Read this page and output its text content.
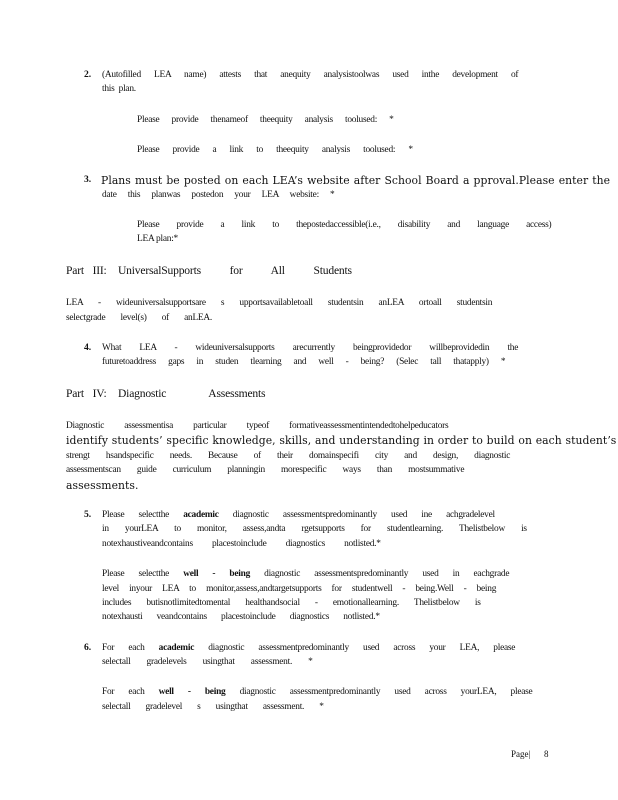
2. (Autofilled LEA name) attests that anequity analysistoolwas used inthe development of
this plan.
Please provide thenameof theequity analysis toolused: *
Please provide a link to theequity analysis toolused: *
3. Plans must be posted on each LEA’s website after School Board a pproval.Please enter the
date this planwas postedon your LEA website: *
Please provide a link to thepostedaccessible(i.e., disability and language access)
LEA plan:*
Part III: UniversalSupports for All Students
LEA - wideuniversalsupportsare s upportsavailabletoall studentsin anLEA ortoall studentsin
selectgrade level(s) of anLEA.
4. What LEA - wideuniversalsupports arecurrently beingprovidedor willbeprovidedin the
futuretoaddress gaps in studen tlearning and well - being? (Selec tall thatapply) *
Part IV: Diagnostic Assessments
Diagnostic assessmentisa particular typeof formativeassessmentintendedtohelpeducators
identify students’ specific knowledge, skills, and understanding in order to build on each student’s
strengt hsandspecific needs. Because of their domainspecifi city and design, diagnostic
assessmentscan guide curriculum planningin morespecific ways than mostsummative
assessments.
5. Please selectthe academic diagnostic assessmentspredominantly used ine achgradelevel
in yourLEA to monitor, assess,andta rgetsupports for studentlearning. Thelistbelow is
notexhaustiveandcontains placestoinclude diagnostics notlisted.*
Please selectthe well - being diagnostic assessmentspredominantly used in eachgrade
level inyour LEA to monitor,assess,andtargetsupports for studentwell - being.Well - being
includes butisnotlimitedtomental healthandsocial - emotionallearning. Thelistbelow is
notexhausti veandcontains placestoinclude diagnostics notlisted.*
6. For each academic diagnostic assessmentpredominantly used across your LEA, please
selectall gradelevels usingthat assessment. *
For each well - being diagnostic assessmentpredominantly used across yourLEA, please
selectall gradelevel s usingthat assessment. *
Page| 8
